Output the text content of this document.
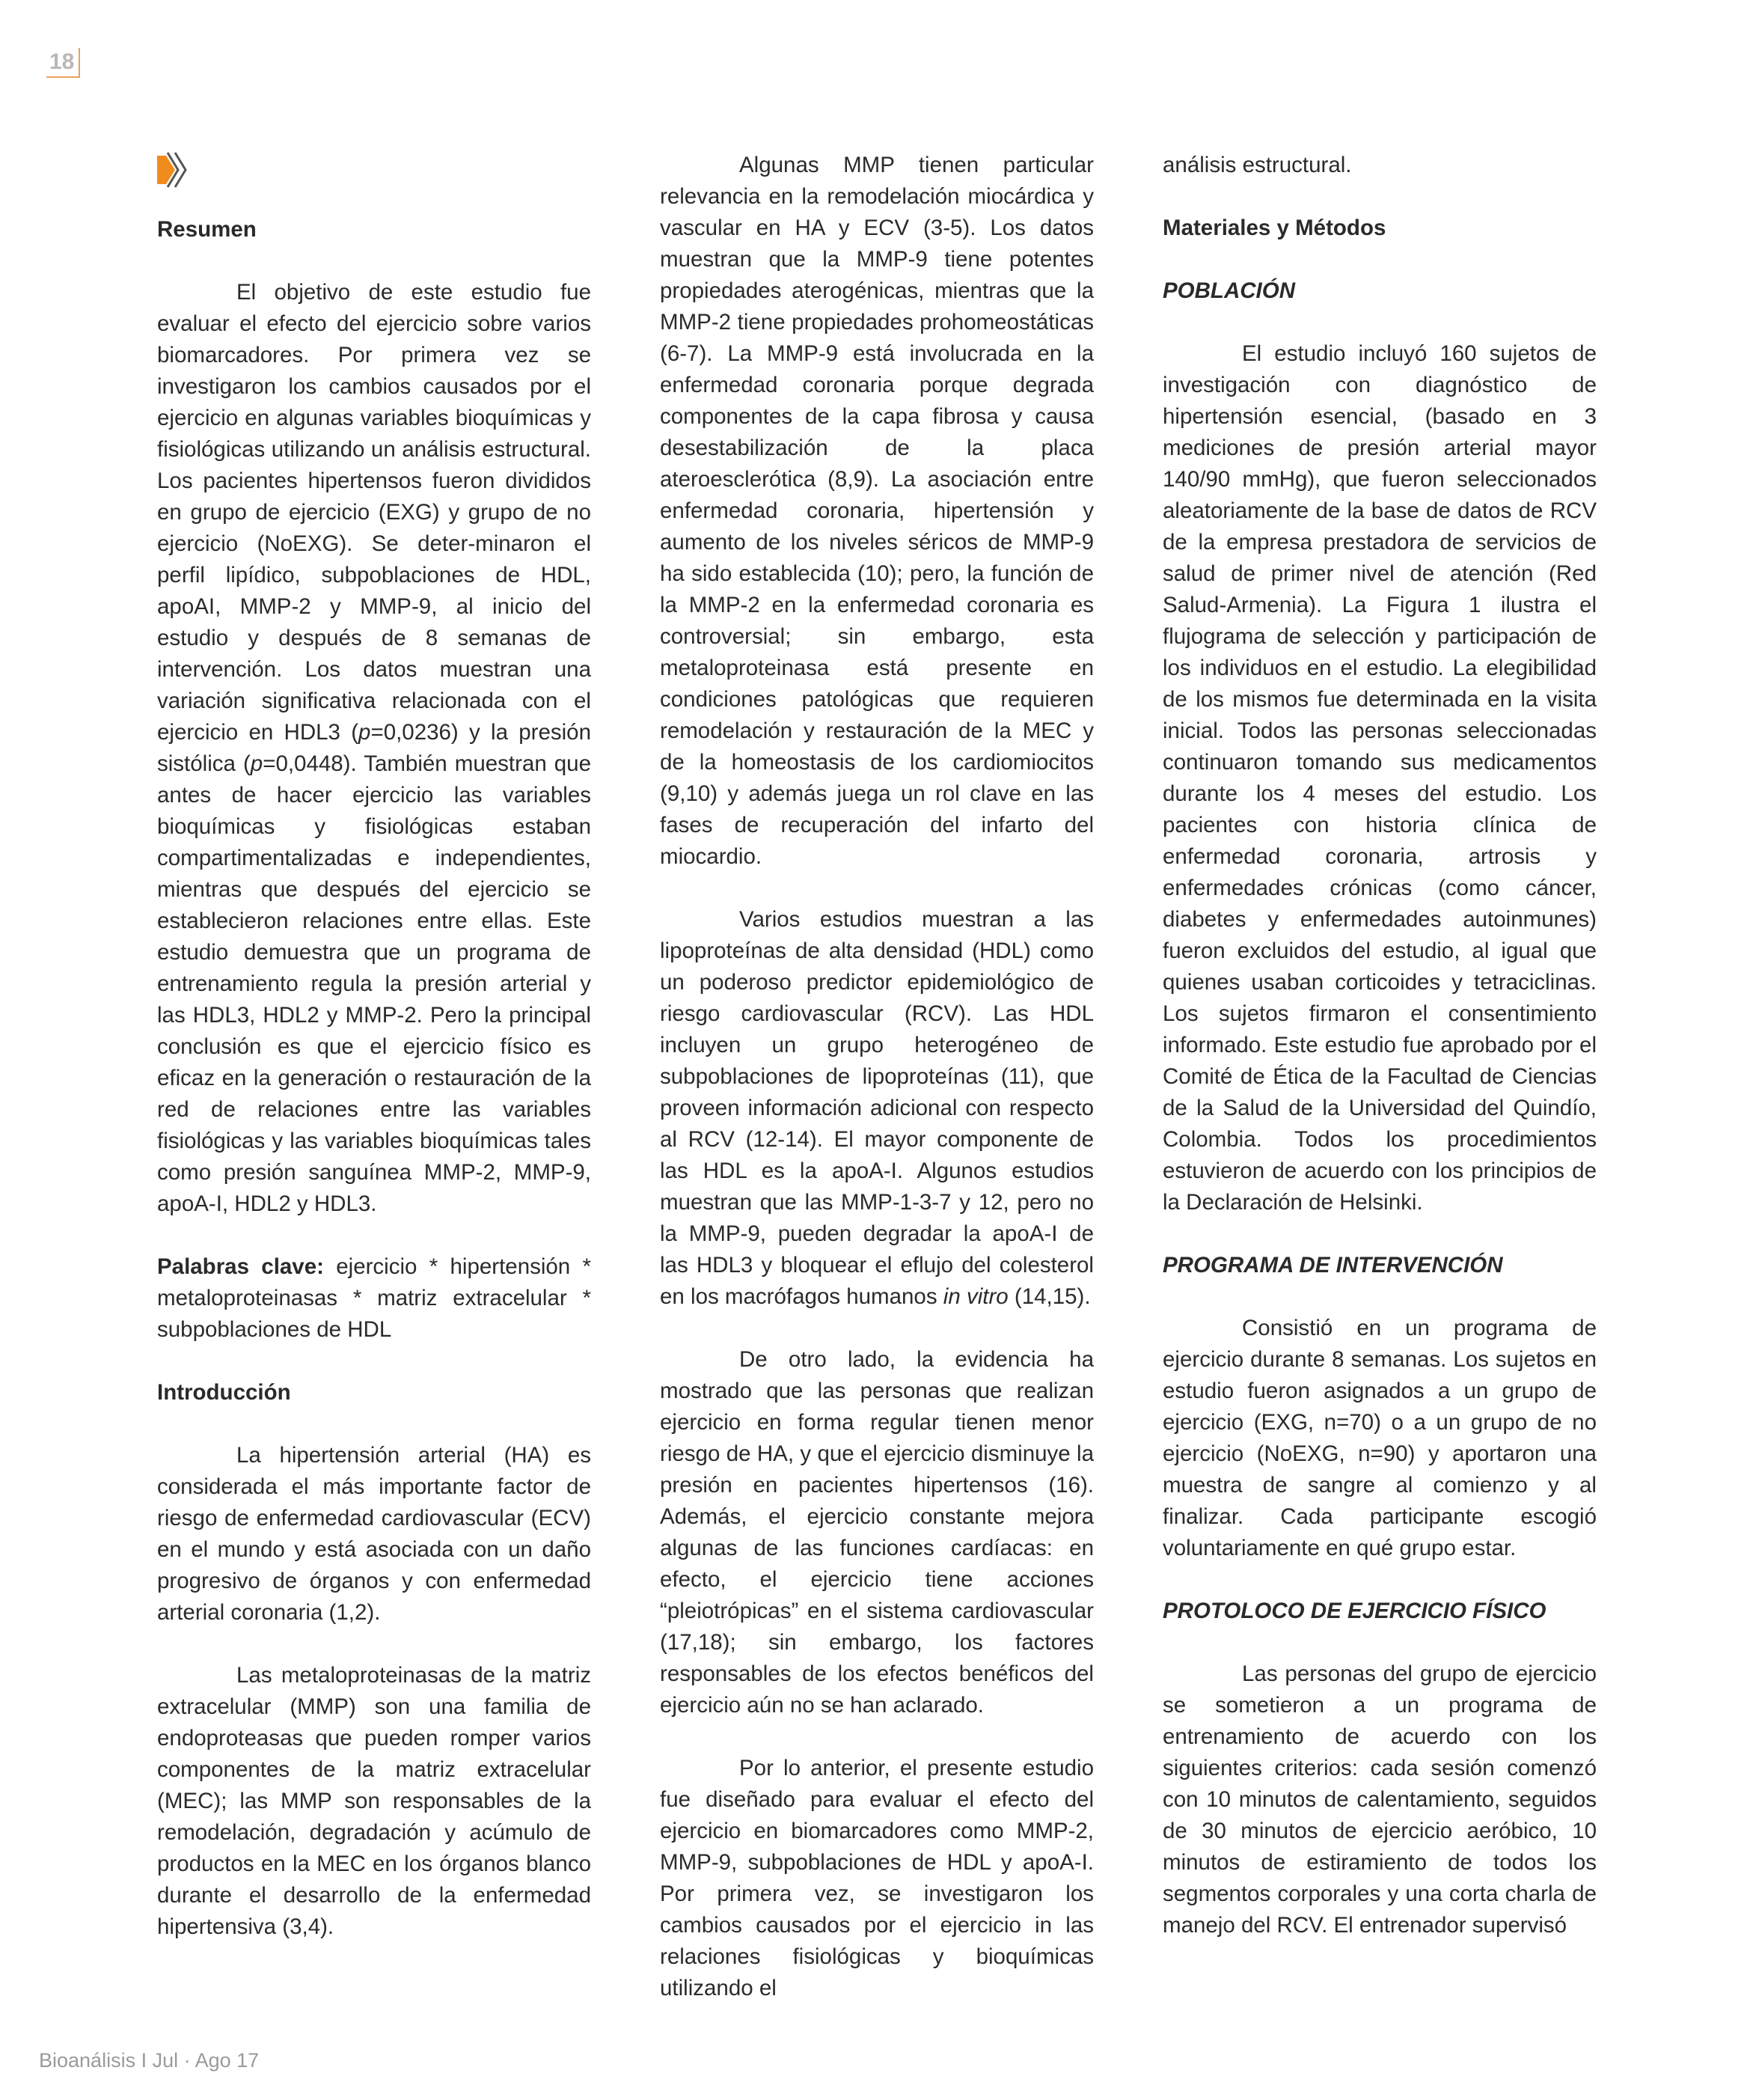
18
Resumen

El objetivo de este estudio fue evaluar el efecto del ejercicio sobre varios biomarcadores. Por primera vez se investigaron los cambios causados por el ejercicio en algunas variables bioquímicas y fisiológicas utilizando un análisis estructural. Los pacientes hipertensos fueron divididos en grupo de ejercicio (EXG) y grupo de no ejercicio (NoEXG). Se deter-minaron el perfil lipídico, subpoblaciones de HDL, apoAI, MMP-2 y MMP-9, al inicio del estudio y después de 8 semanas de intervención. Los datos muestran una variación significativa relacionada con el ejercicio en HDL3 (p=0,0236) y la presión sistólica (p=0,0448). También muestran que antes de hacer ejercicio las variables bioquímicas y fisiológicas estaban compartimentalizadas e independientes, mientras que después del ejercicio se establecieron relaciones entre ellas. Este estudio demuestra que un programa de entrenamiento regula la presión arterial y las HDL3, HDL2 y MMP-2. Pero la principal conclusión es que el ejercicio físico es eficaz en la generación o restauración de la red de relaciones entre las variables fisiológicas y las variables bioquímicas tales como presión sanguínea MMP-2, MMP-9, apoA-I, HDL2 y HDL3.

Palabras clave: ejercicio * hipertensión * metaloproteinasas * matriz extracelular * subpoblaciones de HDL

Introducción

La hipertensión arterial (HA) es considerada el más importante factor de riesgo de enfermedad cardiovascular (ECV) en el mundo y está asociada con un daño progresivo de órganos y con enfermedad arterial coronaria (1,2).

Las metaloproteinasas de la matriz extracelular (MMP) son una familia de endoproteasas que pueden romper varios componentes de la matriz extracelular (MEC); las MMP son responsables de la remodelación, degradación y acúmulo de productos en la MEC en los órganos blanco durante el desarrollo de la enfermedad hipertensiva (3,4).

Algunas MMP tienen particular relevancia en la remodelación miocárdica y vascular en HA y ECV (3-5). Los datos muestran que la MMP-9 tiene potentes propiedades aterogénicas, mientras que la MMP-2 tiene propiedades prohomeostáticas (6-7). La MMP-9 está involucrada en la enfermedad coronaria porque degrada componentes de la capa fibrosa y causa desestabilización de la placa ateroesclerótica (8,9). La asociación entre enfermedad coronaria, hipertensión y aumento de los niveles séricos de MMP-9 ha sido establecida (10); pero, la función de la MMP-2 en la enfermedad coronaria es controversial; sin embargo, esta metaloproteinasa está presente en condiciones patológicas que requieren remodelación y restauración de la MEC y de la homeostasis de los cardiomiocitos (9,10) y además juega un rol clave en las fases de recuperación del infarto del miocardio.

Varios estudios muestran a las lipoproteínas de alta densidad (HDL) como un poderoso predictor epidemiológico de riesgo cardiovascular (RCV). Las HDL incluyen un grupo heterogéneo de subpoblaciones de lipoproteínas (11), que proveen información adicional con respecto al RCV (12-14). El mayor componente de las HDL es la apoA-I. Algunos estudios muestran que las MMP-1-3-7 y 12, pero no la MMP-9, pueden degradar la apoA-I de las HDL3 y bloquear el eflujo del colesterol en los macrófagos humanos in vitro (14,15).

De otro lado, la evidencia ha mostrado que las personas que realizan ejercicio en forma regular tienen menor riesgo de HA, y que el ejercicio disminuye la presión en pacientes hipertensos (16). Además, el ejercicio constante mejora algunas de las funciones cardíacas: en efecto, el ejercicio tiene acciones “pleiotrópicas” en el sistema cardiovascular (17,18); sin embargo, los factores responsables de los efectos benéficos del ejercicio aún no se han aclarado.

Por lo anterior, el presente estudio fue diseñado para evaluar el efecto del ejercicio en biomarcadores como MMP-2, MMP-9, subpoblaciones de HDL y apoA-I. Por primera vez, se investigaron los cambios causados por el ejercicio in las relaciones fisiológicas y bioquímicas utilizando el

análisis estructural.

Materiales y Métodos
POBLACIÓN

El estudio incluyó 160 sujetos de investigación con diagnóstico de hipertensión esencial, (basado en 3 mediciones de presión arterial mayor 140/90 mmHg), que fueron seleccionados aleatoriamente de la base de datos de RCV de la empresa prestadora de servicios de salud de primer nivel de atención (Red Salud-Armenia). La Figura 1 ilustra el flujograma de selección y participación de los individuos en el estudio. La elegibilidad de los mismos fue determinada en la visita inicial. Todos las personas seleccionadas continuaron tomando sus medicamentos durante los 4 meses del estudio. Los pacientes con historia clínica de enfermedad coronaria, artrosis y enfermedades crónicas (como cáncer, diabetes y enfermedades autoinmunes) fueron excluidos del estudio, al igual que quienes usaban corticoides y tetraciclinas. Los sujetos firmaron el consentimiento informado. Este estudio fue aprobado por el Comité de Ética de la Facultad de Ciencias de la Salud de la Universidad del Quindío, Colombia. Todos los procedimientos estuvieron de acuerdo con los principios de la Declaración de Helsinki.

PROGRAMA DE INTERVENCIÓN

Consistió en un programa de ejercicio durante 8 semanas. Los sujetos en estudio fueron asignados a un grupo de ejercicio (EXG, n=70) o a un grupo de no ejercicio (NoEXG, n=90) y aportaron una muestra de sangre al comienzo y al finalizar. Cada participante escogió voluntariamente en qué grupo estar.

PROTOLOCO DE EJERCICIO FÍSICO

Las personas del grupo de ejercicio se sometieron a un programa de entrenamiento de acuerdo con los siguientes criterios: cada sesión comenzó con 10 minutos de calentamiento, seguidos de 30 minutos de ejercicio aeróbico, 10 minutos de estiramiento de todos los segmentos corporales y una corta charla de manejo del RCV. El entrenador supervisó

Bioanálisis I Jul · Ago 17
